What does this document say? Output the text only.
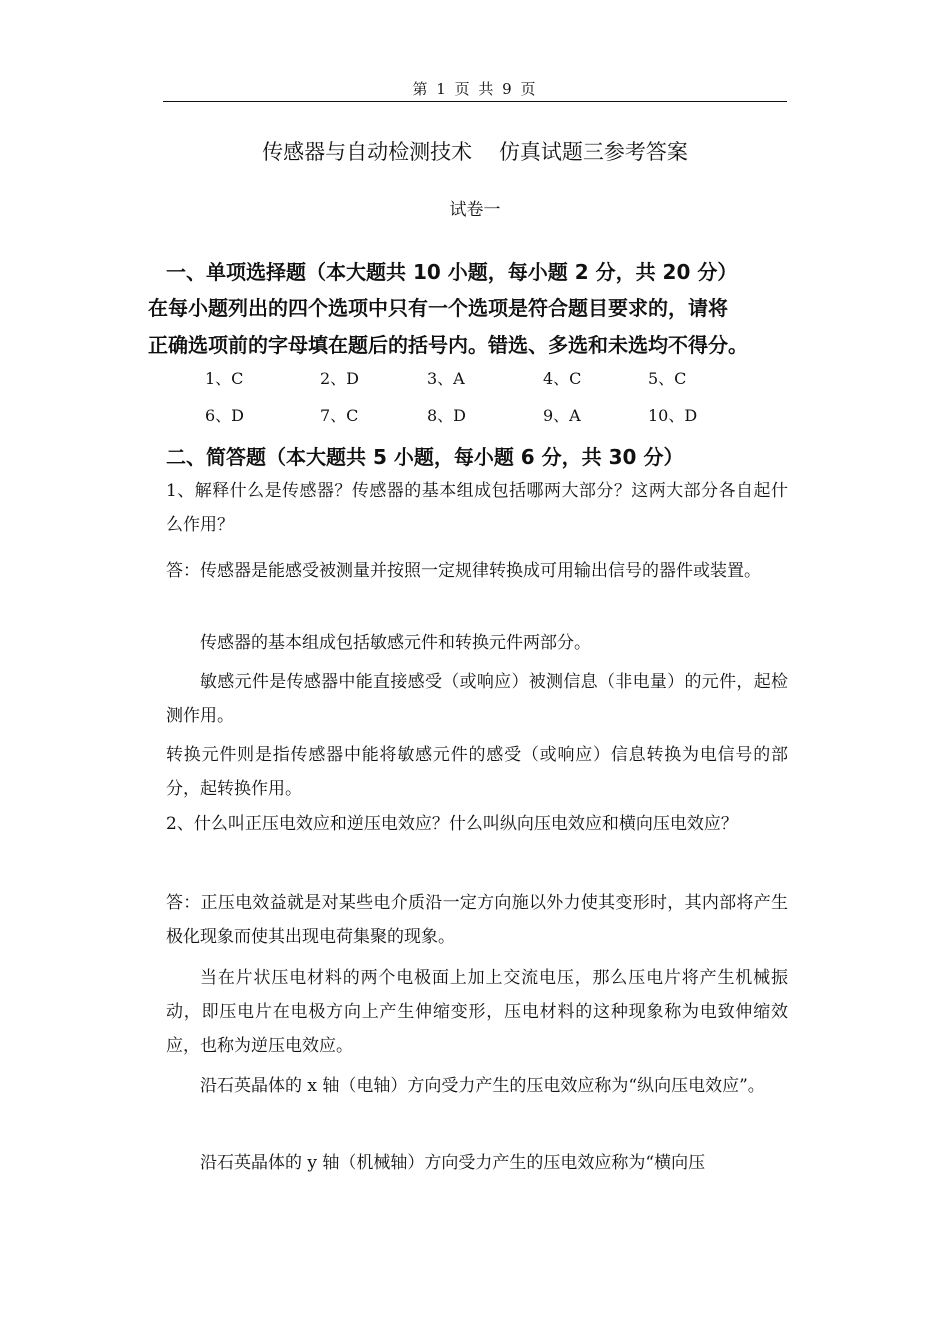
第 1 页 共 9 页
传感器与自动检测技术    仿真试题三参考答案
试卷一
一、单项选择题（本大题共 10 小题，每小题 2 分，共 20 分）
在每小题列出的四个选项中只有一个选项是符合题目要求的，请将
正确选项前的字母填在题后的括号内。错选、多选和未选均不得分。
1、C	2、D	3、A	4、C	5、C
6、D	7、C	8、D	9、A	10、D
二、简答题（本大题共 5 小题，每小题 6 分，共 30 分）
1、解释什么是传感器？传感器的基本组成包括哪两大部分？这两大部分各自起什么作用？
答：传感器是能感受被测量并按照一定规律转换成可用输出信号的器件或装置。
传感器的基本组成包括敏感元件和转换元件两部分。
敏感元件是传感器中能直接感受（或响应）被测信息（非电量）的元件，起检测作用。
转换元件则是指传感器中能将敏感元件的感受（或响应）信息转换为电信号的部分，起转换作用。
2、什么叫正压电效应和逆压电效应？什么叫纵向压电效应和横向压电效应？
答：正压电效益就是对某些电介质沿一定方向施以外力使其变形时，其内部将产生极化现象而使其出现电荷集聚的现象。
当在片状压电材料的两个电极面上加上交流电压，那么压电片将产生机械振动，即压电片在电极方向上产生伸缩变形，压电材料的这种现象称为电致伸缩效应，也称为逆压电效应。
沿石英晶体的 x 轴（电轴）方向受力产生的压电效应称为“纵向压电效应”。
沿石英晶体的 y 轴（机械轴）方向受力产生的压电效应称为“横向压
